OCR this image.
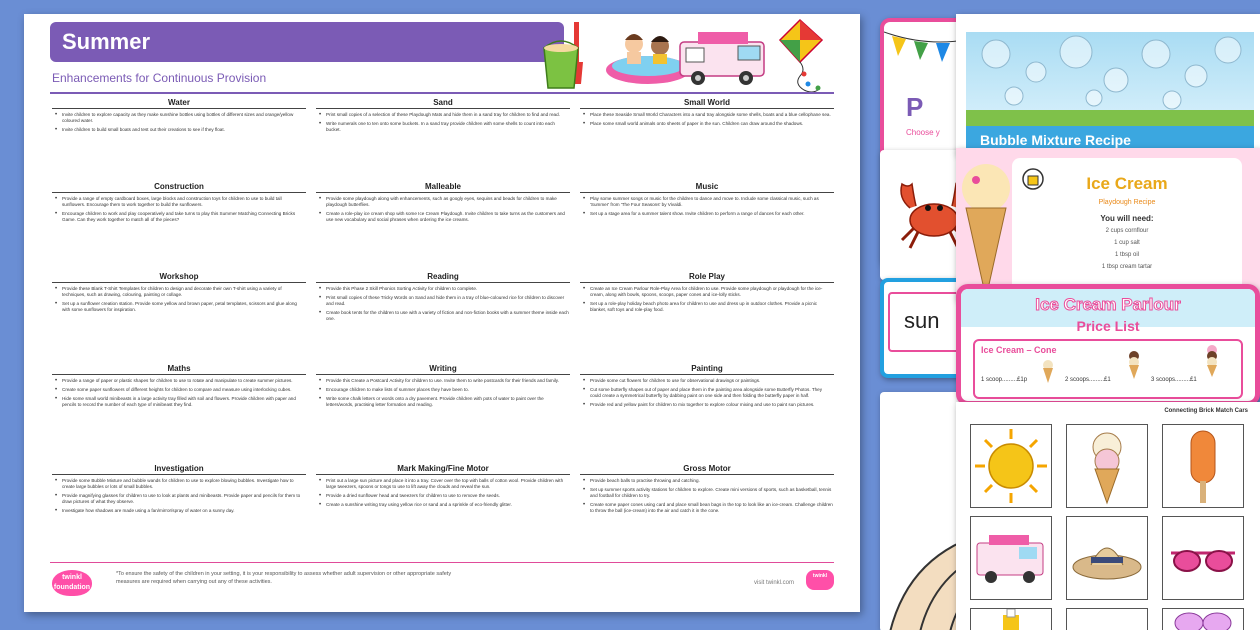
Summer
Enhancements for Continuous Provision
Water
• Invite children to explore capacity as they make sunshine bottles using bottles of different sizes and orange/yellow coloured water.
• Invite children to build small boats and test out their creations to see if they float.
Construction
• Provide a range of empty cardboard boxes, large blocks and construction toys for children to use to build tall sunflowers. Encourage them to work together to build the sunflowers.
• Encourage children to work and play cooperatively and take turns to play this Summer Matching Connecting Bricks Game. Can they work together to match all of the pieces?
Workshop
• Provide these Blank T-Shirt Templates for children to design and decorate their own T-shirt using a variety of techniques, such as drawing, colouring, painting or collage.
• Set up a sunflower creation station. Provide some yellow and brown paper, petal templates, scissors and glue along with some sunflowers for inspiration.
Maths
• Provide a range of paper or plastic shapes for children to use to rotate and manipulate to create summer pictures.
• Create some paper sunflowers of different heights for children to compare and measure using interlocking cubes.
• Hide some small world minibeasts in a large activity tray filled with soil and flowers. Provide children with paper and pencils to record the number of each type of minibeast they find.
Investigation
• Provide some Bubble Mixture and bubble wands for children to use to explore blowing bubbles. Investigate how to create large bubbles or lots of small bubbles.
• Provide magnifying glasses for children to use to look at plants and minibeasts. Provide paper and pencils for them to draw pictures of what they observe.
• Investigate how shadows are made using a fan/mirror/spray of water on a sunny day.
Sand
• Print small copies of a selection of these Playdough Mats and hide them in a sand tray for children to find and read.
• Write numerals one to ten onto some buckets. In a sand tray provide children with some shells to count into each bucket.
Malleable
• Provide some playdough along with enhancements, such as googly eyes, sequins and beads for children to make playdough butterflies.
• Create a role-play ice cream shop with some Ice Cream Playdough. Invite children to take turns as the customers and use new vocabulary and social phrases when ordering the ice creams.
Reading
• Provide this Phase 2 Skill Phonics Sorting Activity for children to complete.
• Print small copies of these Tricky Words on Sand and hide them in a tray of blue-coloured rice for children to discover and read.
• Create book tents for the children to use with a variety of fiction and non-fiction books with a summer theme inside each one.
Writing
• Provide this Create a Postcard Activity for children to use. Invite them to write postcards for their friends and family.
• Encourage children to make lists of summer places they have been to.
• Write some chalk letters or words onto a dry pavement. Provide children with pots of water to paint over the letters/words, practising letter formation and reading.
Mark Making/Fine Motor
• Print out a large sun picture and place it into a tray. Cover over the top with balls of cotton wool. Provide children with large tweezers, spoons or tongs to use to lift away the clouds and reveal the sun.
• Provide a dried sunflower head and tweezers for children to use to remove the seeds.
• Create a sunshine writing tray using yellow rice or sand and a sprinkle of eco-friendly glitter.
Small World
• Place these Seaside Small World Characters into a sand tray alongside some shells, boats and a blue cellophane sea.
• Place some small world animals onto sheets of paper in the sun. Children can draw around the shadows.
Music
• Play some summer songs or music for the children to dance and move to. Include some classical music, such as 'Summer' from 'The Four Seasons' by Vivaldi.
• Set up a stage area for a summer talent show. Invite children to perform a range of dances for each other.
Role Play
• Create an Ice Cream Parlour Role-Play Area for children to use. Provide some playdough or playdough for the ice-cream, along with bowls, spoons, scoops, paper cones and ice-lolly sticks.
• Set up a role-play holiday beach photo area for children to use and dress up in outdoor clothes. Provide a picnic blanket, soft toys and role-play food.
Painting
• Provide some cut flowers for children to use for observational drawings or paintings.
• Cut some butterfly shapes out of paper and place them in the painting area alongside some Butterfly Photos. They could create a symmetrical butterfly by dabbing paint on one side and then folding the butterfly paper in half.
• Provide red and yellow paint for children to mix together to explore colour mixing and use to paint sun pictures.
Gross Motor
• Provide beach balls to practise throwing and catching.
• Set up summer sports activity stations for children to explore. Create mini versions of sports, such as basketball, tennis and football for children to try.
• Create some paper cones using card and place small bean bags in the top to look like an ice-cream. Challenge children to throw the ball (ice-cream) into the air and catch it in the cone.
twinkl foundation
*To ensure the safety of the children in your setting, it is your responsibility to assess whether adult supervision or other appropriate safety measures are required when carrying out any of these activities.	visit twinkl.com
twinkl
P
Choose y
sun
Bubble Mixture Recipe
Ice Cream
Playdough Recipe
You will need:
2 cups cornflour
1 cup salt
1 tbsp oil
1 tbsp cream tartar
Ice Cream Parlour
Price List
Ice Cream – Cone
1 scoop.........£1p	2 scoops.........£1	3 scoops.........£1
Connecting Brick Match Cars
